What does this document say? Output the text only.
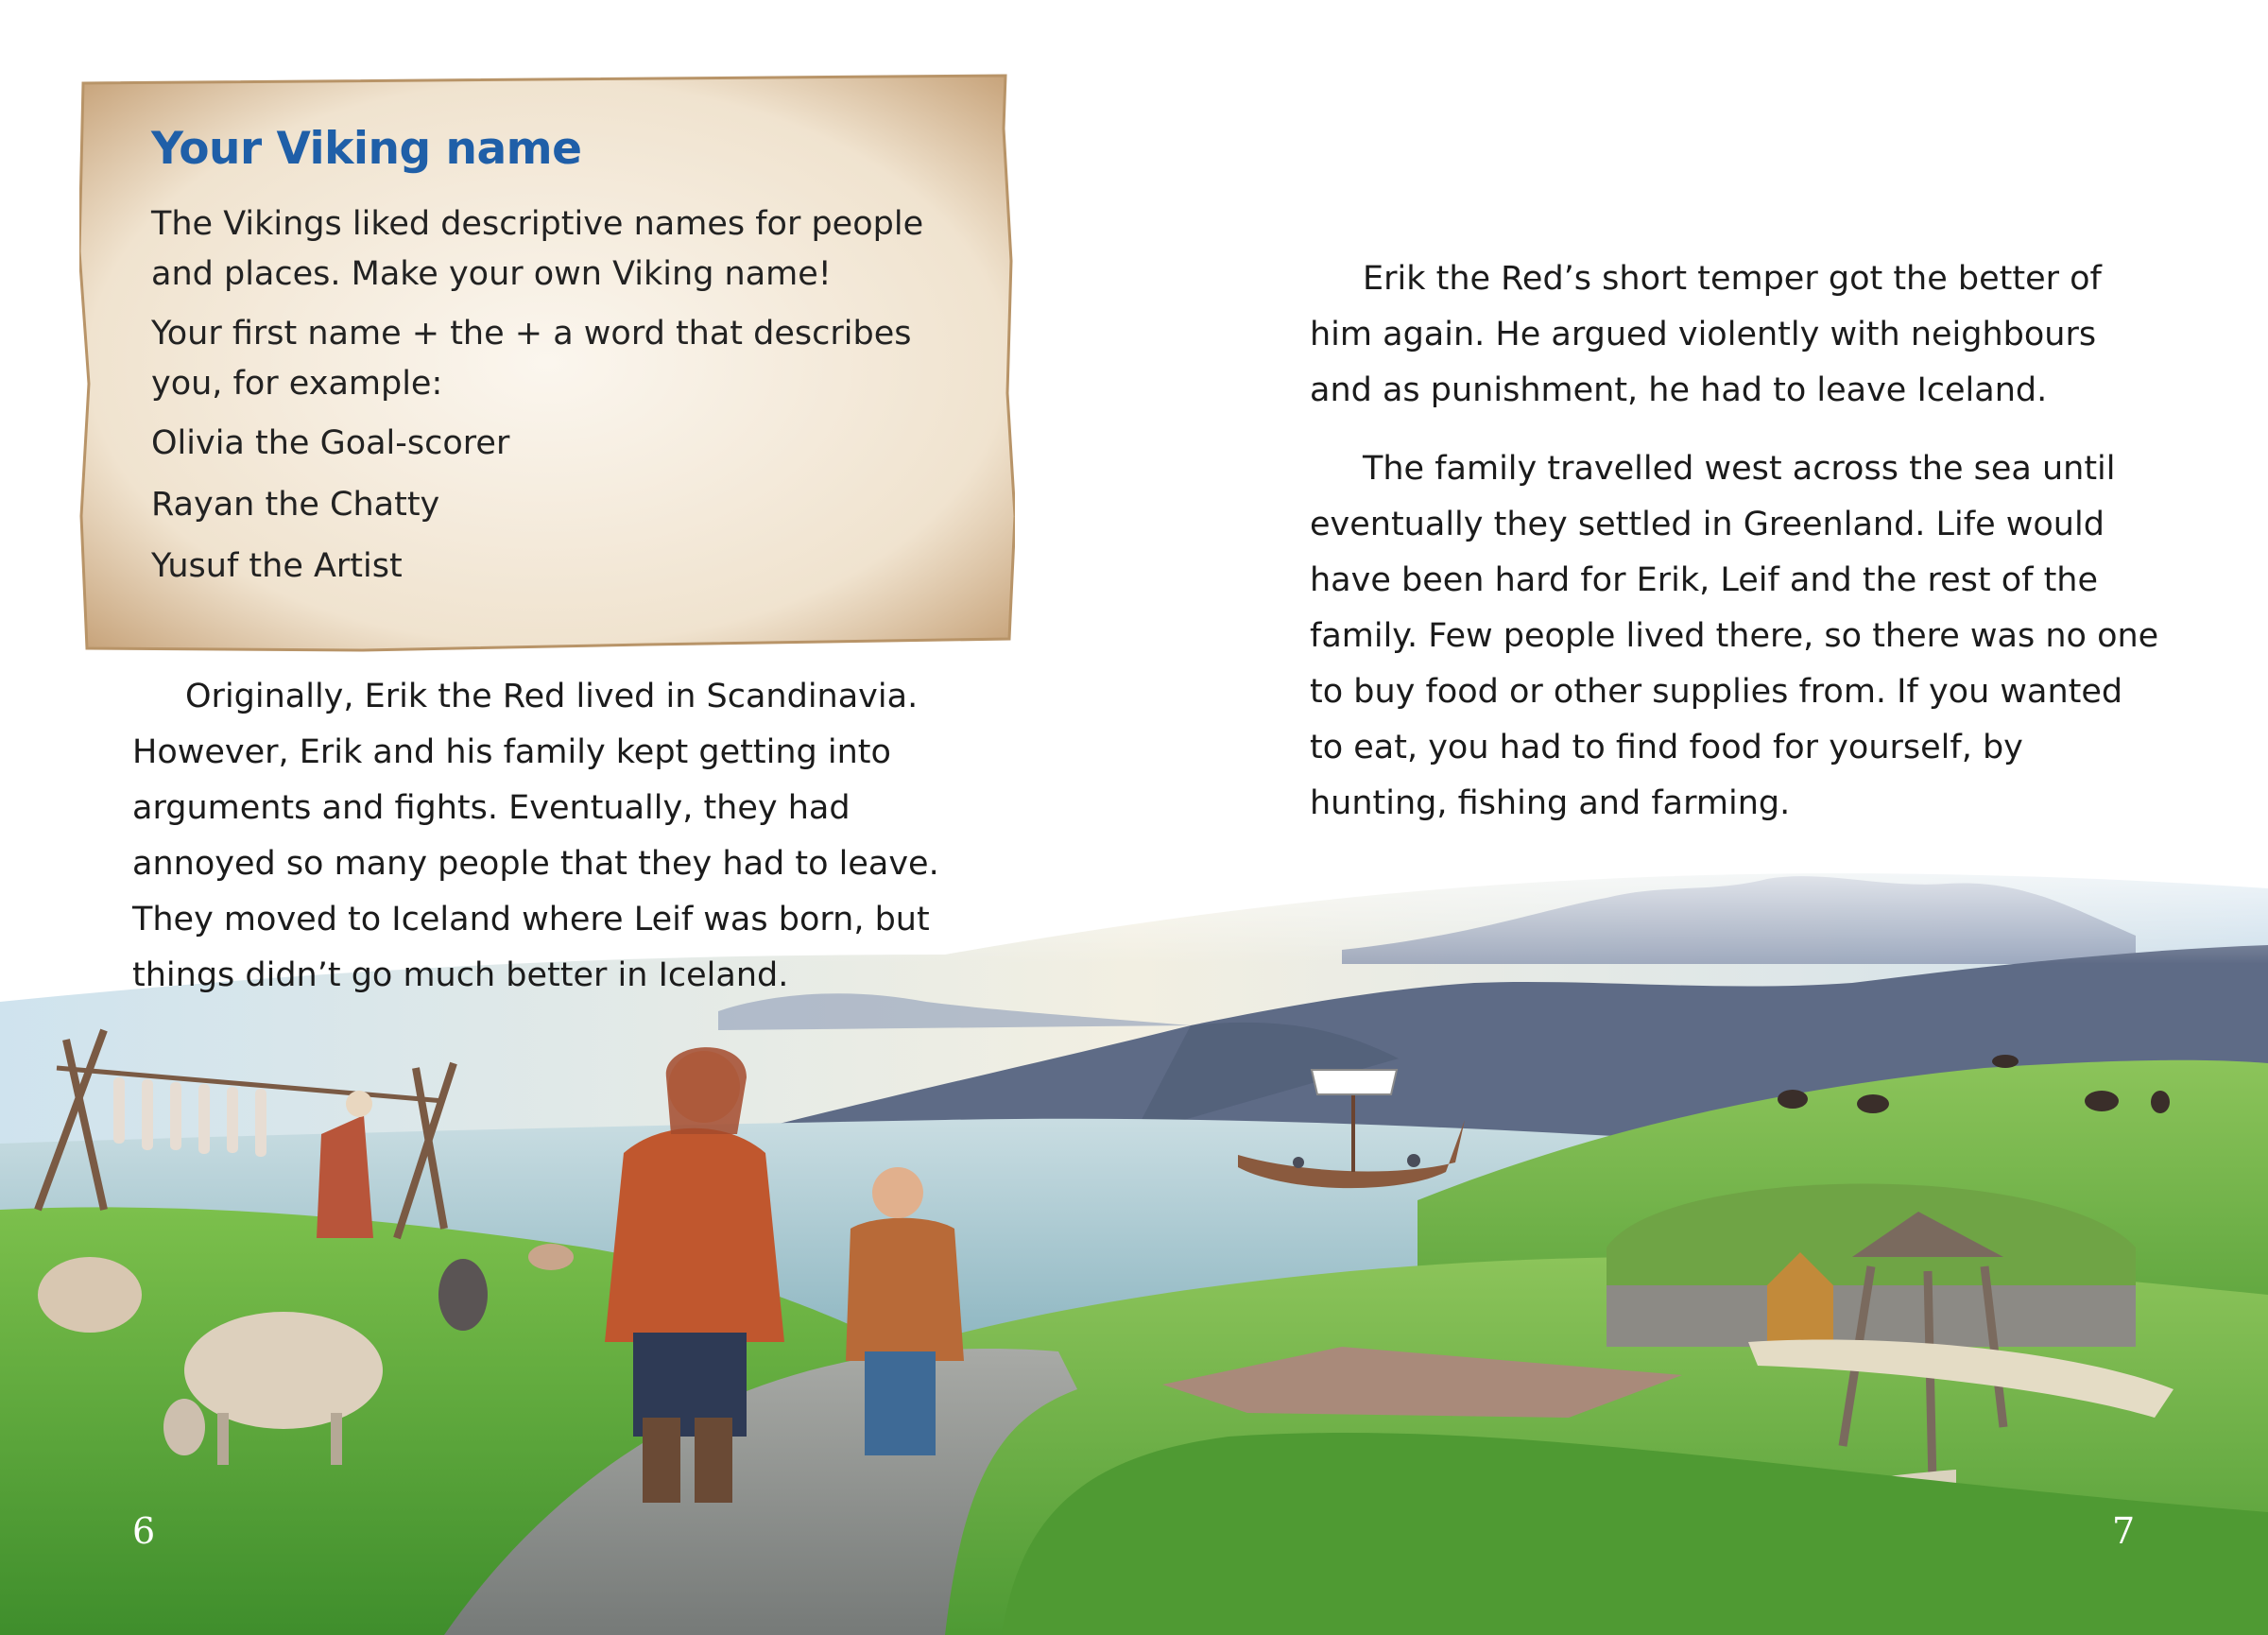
Your Viking name

The Vikings liked descriptive names for people and places. Make your own Viking name!

Your first name + the + a word that describes you, for example:

Olivia the Goal-scorer

Rayan the Chatty

Yusuf the Artist

Originally, Erik the Red lived in Scandinavia. However, Erik and his family kept getting into arguments and fights. Eventually, they had annoyed so many people that they had to leave. They moved to Iceland where Leif was born, but things didn’t go much better in Iceland.

Erik the Red’s short temper got the better of him again. He argued violently with neighbours and as punishment, he had to leave Iceland.

The family travelled west across the sea until eventually they settled in Greenland. Life would have been hard for Erik, Leif and the rest of the family. Few people lived there, so there was no one to buy food or other supplies from. If you wanted to eat, you had to find food for yourself, by hunting, fishing and farming.

6	7
